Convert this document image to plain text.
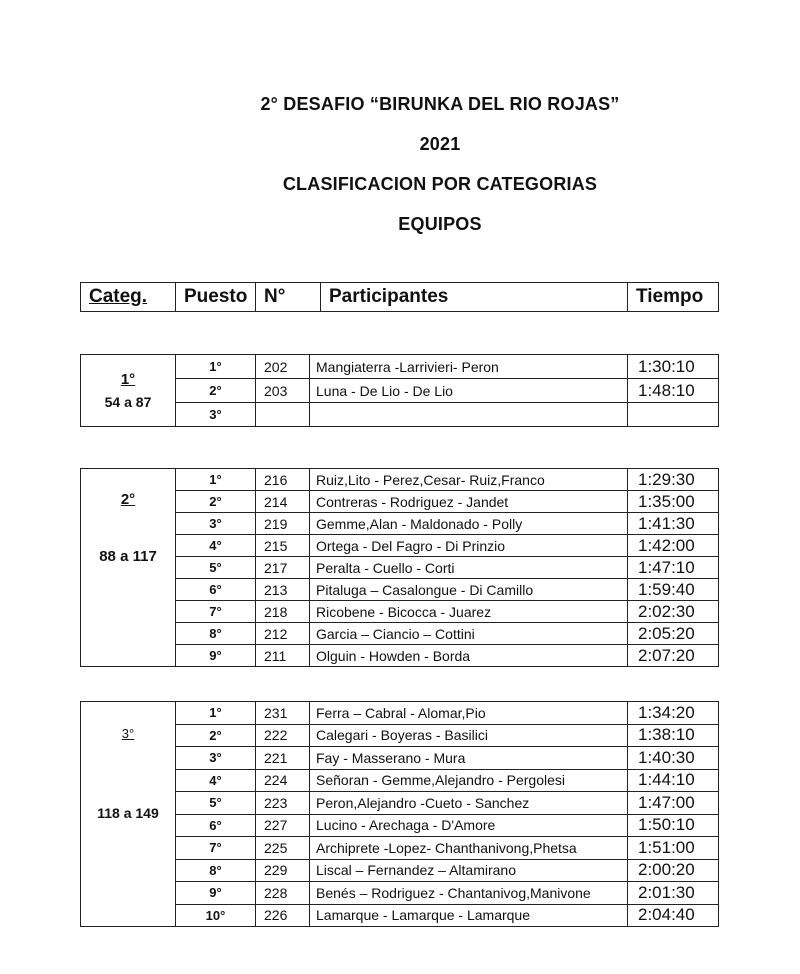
2° DESAFIO “BIRUNKA DEL RIO ROJAS”
2021
CLASIFICACION POR CATEGORIAS
EQUIPOS
Categ.	Puesto	N°	Participantes	Tiempo
1°
54 a 87	1°	202	Mangiaterra -Larrivieri- Peron	1:30:10
	2°	203	Luna - De Lio - De Lio	1:48:10
	3°			
2°
88 a 117	1°	216	Ruiz,Lito - Perez,Cesar- Ruiz,Franco	1:29:30
	2°	214	Contreras - Rodriguez - Jandet	1:35:00
	3°	219	Gemme,Alan - Maldonado - Polly	1:41:30
	4°	215	Ortega - Del Fagro - Di Prinzio	1:42:00
	5°	217	Peralta - Cuello - Corti	1:47:10
	6°	213	Pitaluga – Casalongue - Di Camillo	1:59:40
	7°	218	Ricobene - Bicocca - Juarez	2:02:30
	8°	212	Garcia – Ciancio – Cottini	2:05:20
	9°	211	Olguin - Howden - Borda	2:07:20
3°
118 a 149	1°	231	Ferra – Cabral - Alomar,Pio	1:34:20
	2°	222	Calegari - Boyeras - Basilici	1:38:10
	3°	221	Fay - Masserano - Mura	1:40:30
	4°	224	Señoran - Gemme,Alejandro - Pergolesi	1:44:10
	5°	223	Peron,Alejandro -Cueto - Sanchez	1:47:00
	6°	227	Lucino - Arechaga - D'Amore	1:50:10
	7°	225	Archiprete -Lopez- Chanthanivong,Phetsa	1:51:00
	8°	229	Liscal – Fernandez – Altamirano	2:00:20
	9°	228	Benés – Rodriguez - Chantanivog,Manivone	2:01:30
	10°	226	Lamarque - Lamarque - Lamarque	2:04:40
